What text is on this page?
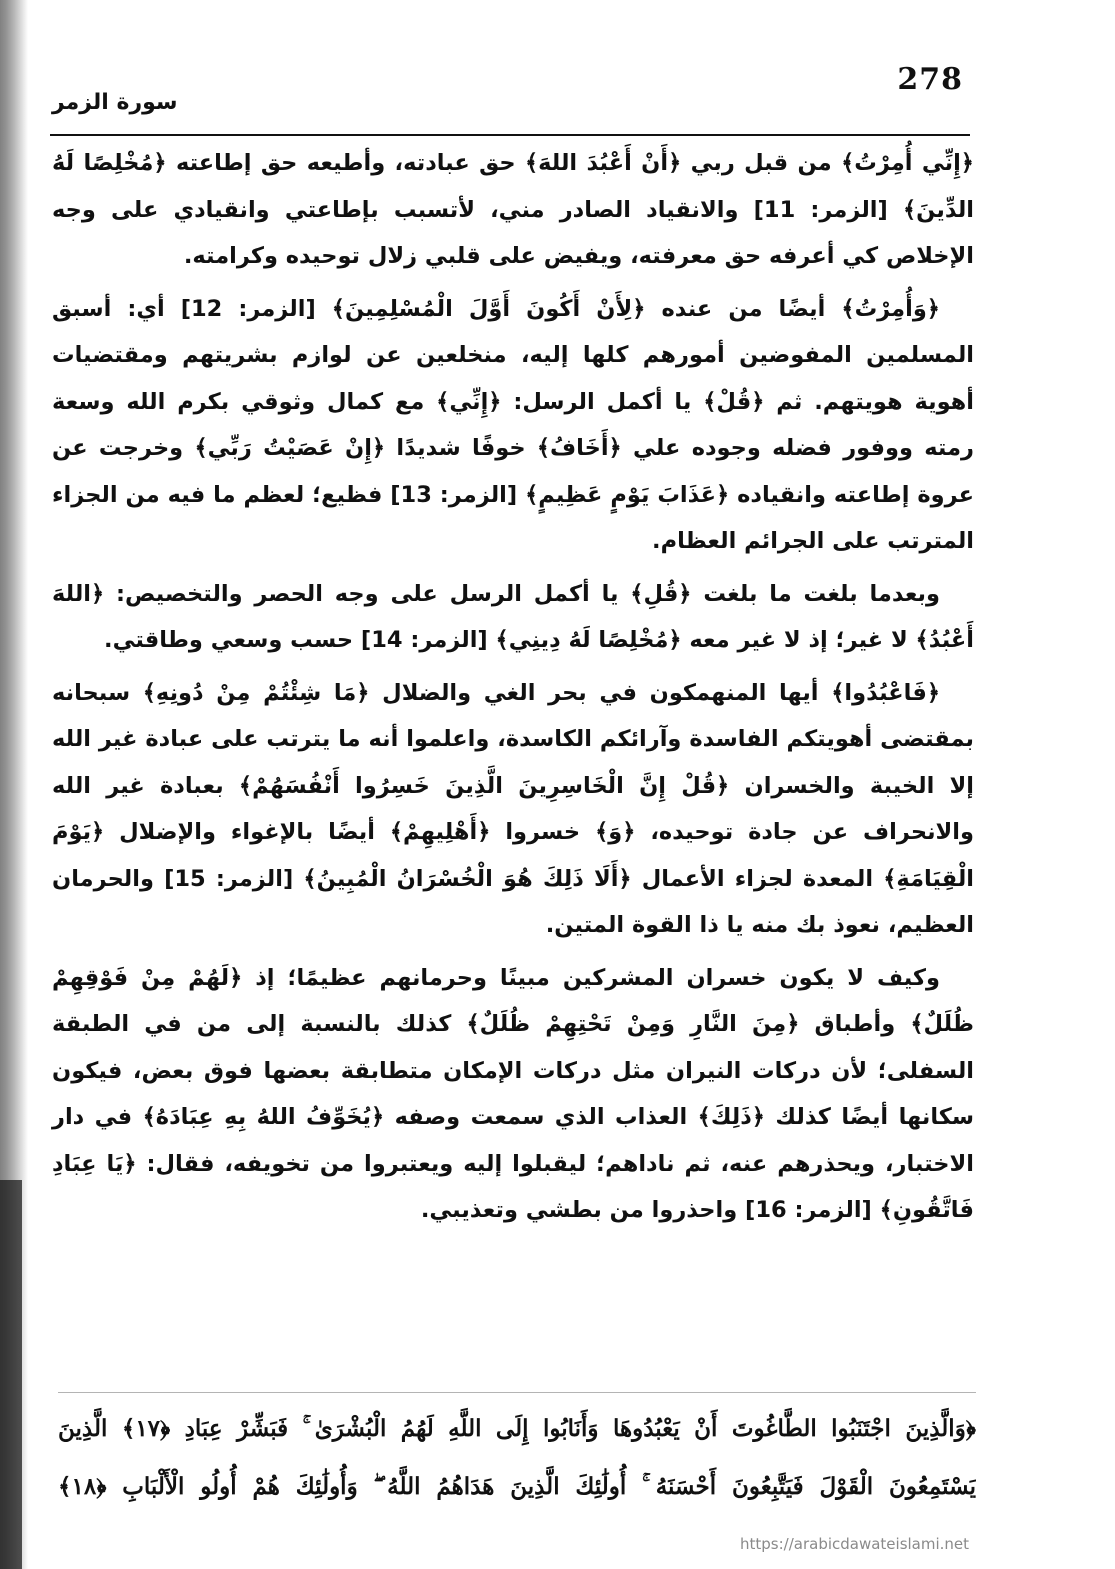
278
سورة الزمر

﴿إِنِّي أُمِرْتُ﴾ من قبل ربي ﴿أَنْ أَعْبُدَ اللهَ﴾ حق عبادته، وأطيعه حق إطاعته ﴿مُخْلِصًا لَهُ الدِّينَ﴾ [الزمر: 11] والانقياد الصادر مني، لأتسبب بإطاعتي وانقيادي على وجه الإخلاص كي أعرفه حق معرفته، ويفيض على قلبي زلال توحيده وكرامته.

﴿وَأُمِرْتُ﴾ أيضًا من عنده ﴿لِأَنْ أَكُونَ أَوَّلَ الْمُسْلِمِينَ﴾ [الزمر: 12] أي: أسبق المسلمين المفوضين أمورهم كلها إليه، منخلعين عن لوازم بشريتهم ومقتضيات أهوية هويتهم. ثم ﴿قُلْ﴾ يا أكمل الرسل: ﴿إِنِّي﴾ مع كمال وثوقي بكرم الله وسعة رمته ووفور فضله وجوده علي ﴿أَخَافُ﴾ خوفًا شديدًا ﴿إِنْ عَصَيْتُ رَبِّي﴾ وخرجت عن عروة إطاعته وانقياده ﴿عَذَابَ يَوْمٍ عَظِيمٍ﴾ [الزمر: 13] فظيع؛ لعظم ما فيه من الجزاء المترتب على الجرائم العظام.

وبعدما بلغت ما بلغت ﴿قُلِ﴾ يا أكمل الرسل على وجه الحصر والتخصيص: ﴿اللهَ أَعْبُدُ﴾ لا غير؛ إذ لا غير معه ﴿مُخْلِصًا لَهُ دِينِي﴾ [الزمر: 14] حسب وسعي وطاقتي.

﴿فَاعْبُدُوا﴾ أيها المنهمكون في بحر الغي والضلال ﴿مَا شِئْتُمْ مِنْ دُونِهِ﴾ سبحانه بمقتضى أهويتكم الفاسدة وآرائكم الكاسدة، واعلموا أنه ما يترتب على عبادة غير الله إلا الخيبة والخسران ﴿قُلْ إِنَّ الْخَاسِرِينَ الَّذِينَ خَسِرُوا أَنْفُسَهُمْ﴾ بعبادة غير الله والانحراف عن جادة توحيده، ﴿وَ﴾ خسروا ﴿أَهْلِيهِمْ﴾ أيضًا بالإغواء والإضلال ﴿يَوْمَ الْقِيَامَةِ﴾ المعدة لجزاء الأعمال ﴿أَلَا ذَلِكَ هُوَ الْخُسْرَانُ الْمُبِينُ﴾ [الزمر: 15] والحرمان العظيم، نعوذ بك منه يا ذا القوة المتين.

وكيف لا يكون خسران المشركين مبينًا وحرمانهم عظيمًا؛ إذ ﴿لَهُمْ مِنْ فَوْقِهِمْ ظُلَلٌ﴾ وأطباق ﴿مِنَ النَّارِ وَمِنْ تَحْتِهِمْ ظُلَلٌ﴾ كذلك بالنسبة إلى من في الطبقة السفلى؛ لأن دركات النيران مثل دركات الإمكان متطابقة بعضها فوق بعض، فيكون سكانها أيضًا كذلك ﴿ذَلِكَ﴾ العذاب الذي سمعت وصفه ﴿يُخَوِّفُ اللهُ بِهِ عِبَادَهُ﴾ في دار الاختبار، ويحذرهم عنه، ثم ناداهم؛ ليقبلوا إليه ويعتبروا من تخويفه، فقال: ﴿يَا عِبَادِ فَاتَّقُونِ﴾ [الزمر: 16] واحذروا من بطشي وتعذيبي.

﴿وَالَّذِينَ اجْتَنَبُوا الطَّاغُوتَ أَنْ يَعْبُدُوهَا وَأَنَابُوا إِلَى اللَّهِ لَهُمُ الْبُشْرَىٰ ۚ فَبَشِّرْ عِبَادِ ﴿١٧﴾ الَّذِينَ
يَسْتَمِعُونَ الْقَوْلَ فَيَتَّبِعُونَ أَحْسَنَهُ ۚ أُولَٰئِكَ الَّذِينَ هَدَاهُمُ اللَّهُ ۖ وَأُولَٰئِكَ هُمْ أُولُو الْأَلْبَابِ ﴿١٨﴾
https://arabicdawateislami.net
